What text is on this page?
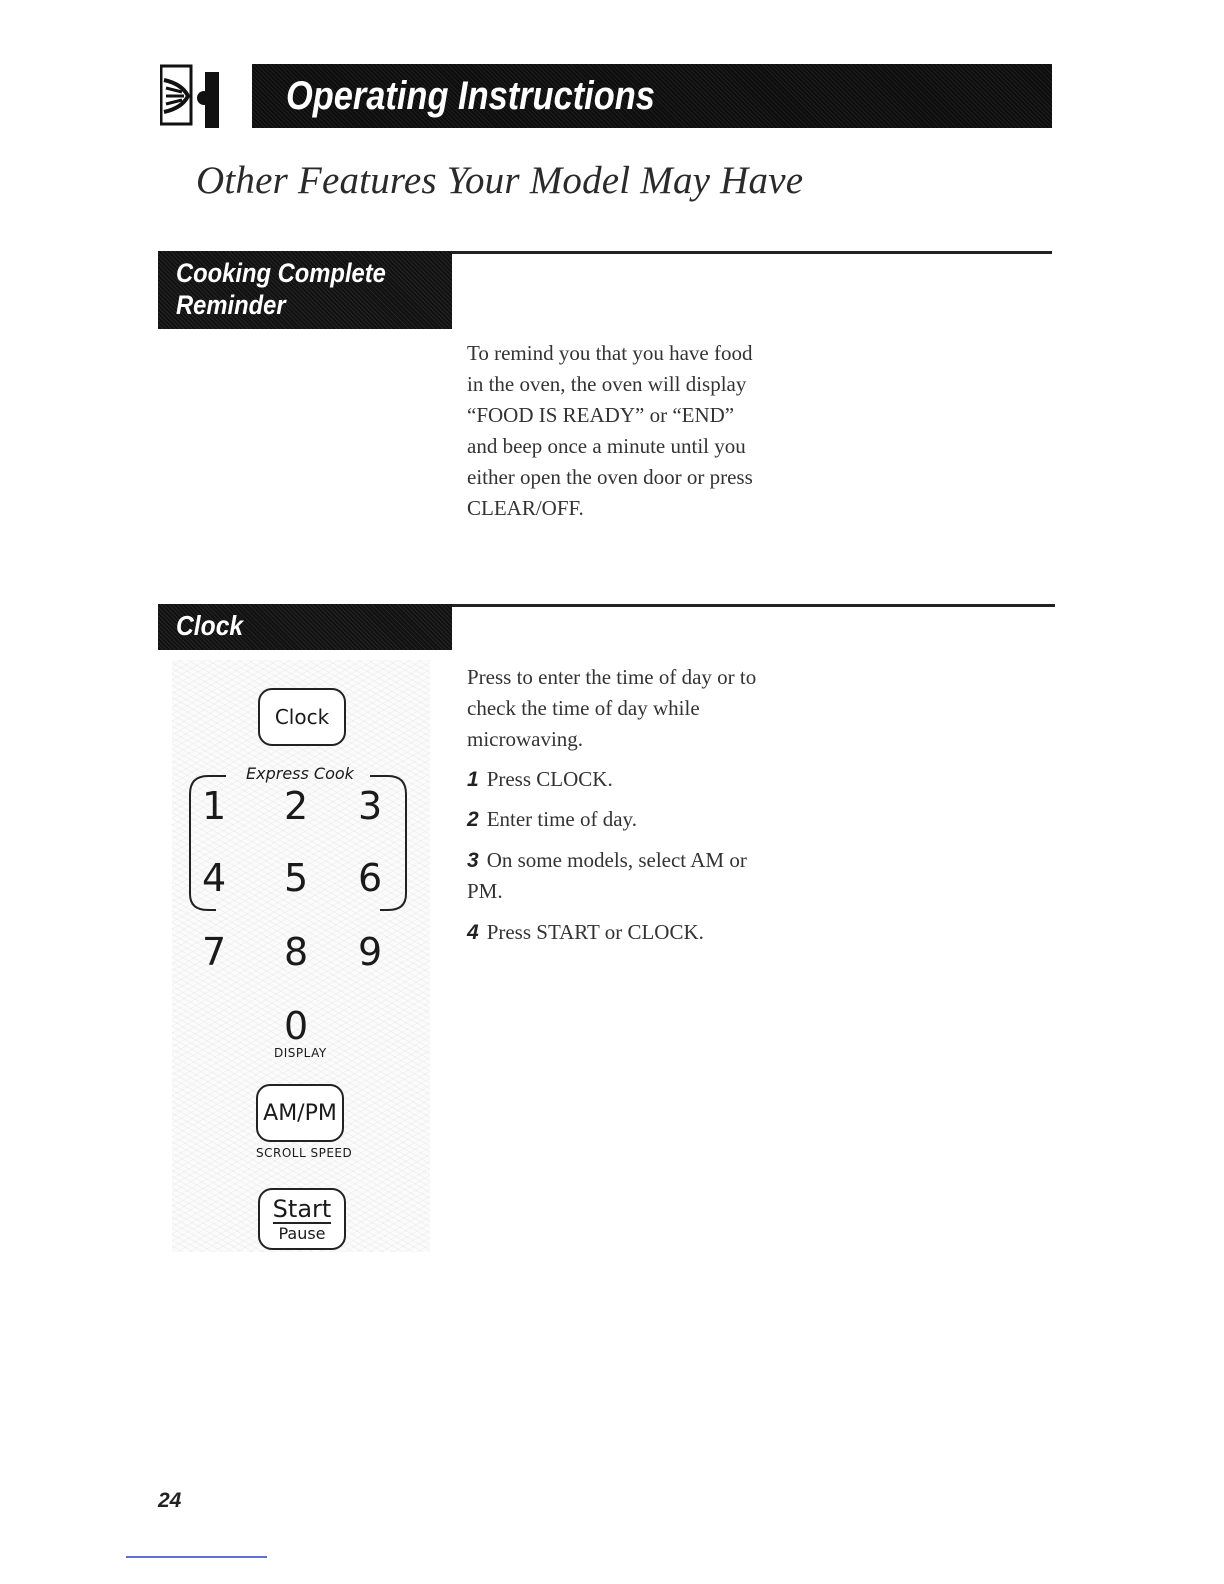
Operating Instructions
Other Features Your Model May Have
Cooking Complete
Reminder
To remind you that you have food in the oven, the oven will display “FOOD IS READY” or “END” and beep once a minute until you either open the oven door or press CLEAR/OFF.
Clock
Press to enter the time of day or to check the time of day while microwaving.
1 Press CLOCK.
2 Enter time of day.
3 On some models, select AM or PM.
4 Press START or CLOCK.
Clock
Express Cook
1 2 3
4 5 6
7 8 9
0
DISPLAY
AM/PM
SCROLL SPEED
Start
Pause
24
